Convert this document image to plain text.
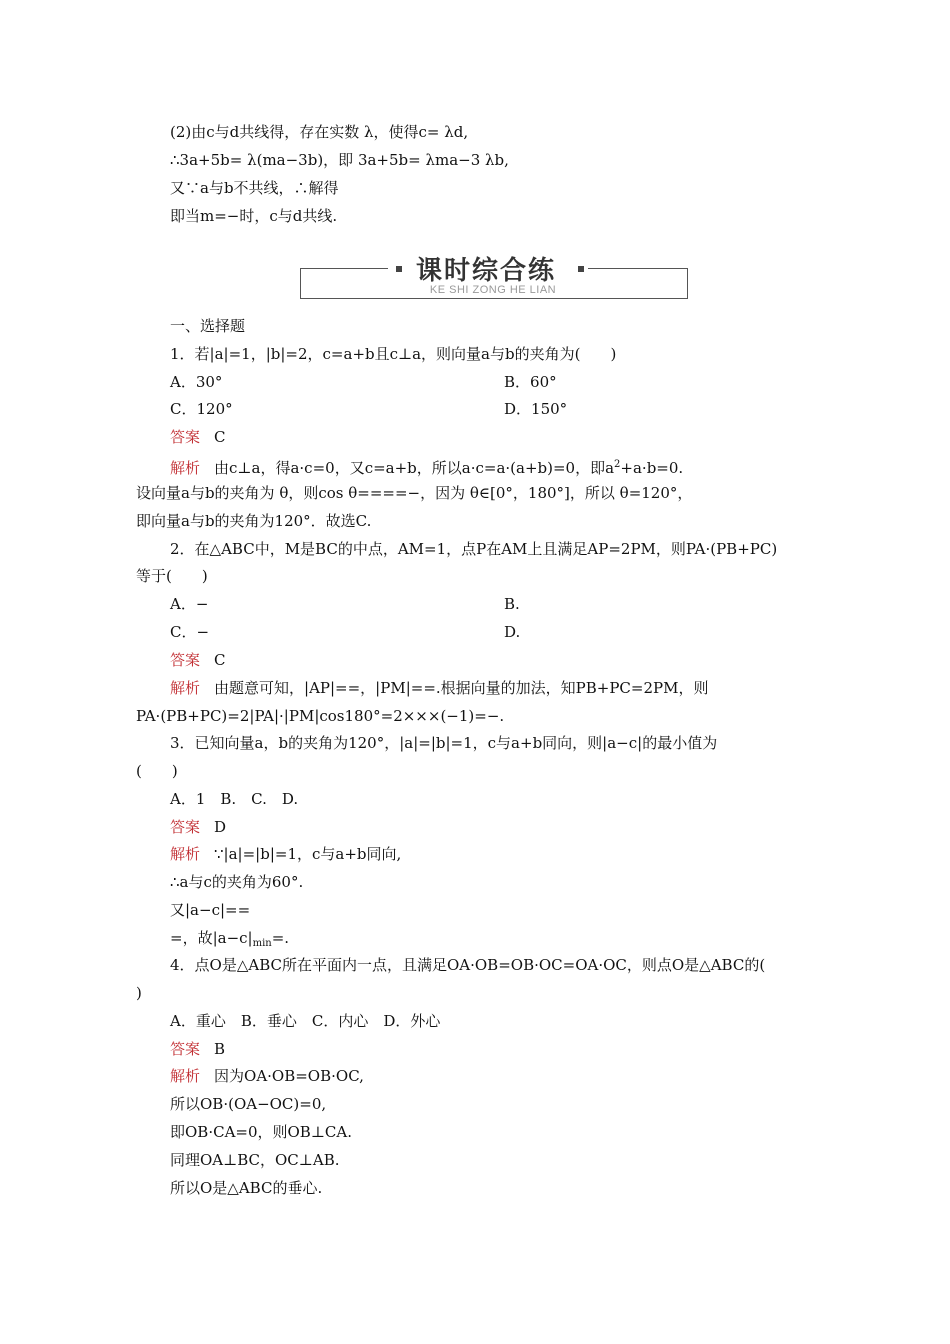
(2)由c与d共线得，存在实数 λ，使得c= λd,
∴3a+5b= λ(ma−3b)，即 3a+5b= λma−3 λb,
又∵a与b不共线，∴解得
即当m=−时，c与d共线.
课时综合练
KE SHI ZONG HE LIAN
一、选择题
1．若|a|=1，|b|=2，c=a+b且c⊥a，则向量a与b的夹角为(　　)
A．30°	B．60°
C．120°	D．150°
答案 C
解析 由c⊥a，得a·c=0，又c=a+b，所以a·c=a·(a+b)=0，即$a^2+a\cdot b=0$.
设向量a与b的夹角为 θ，则cos θ====−，因为 θ∈[0°，180°]，所以 θ=120°，
即向量a与b的夹角为120°．故选C.
2．在△ABC中，M是BC的中点，AM=1，点P在AM上且满足AP=2PM，则PA·(PB+PC)
等于(　　)
A．−	B.
C．−	D.
答案 C
解析 由题意可知，|AP|==，|PM|==.根据向量的加法，知PB+PC=2PM，则
PA·(PB+PC)=2|PA|·|PM|cos180°=2×××(−1)=−.
3．已知向量a，b的夹角为120°，|a|=|b|=1，c与a+b同向，则|a−c|的最小值为
(　　)
A．1　B.　C.　D.
答案 D
解析 ∵|a|=|b|=1，c与a+b同向,
∴a与c的夹角为60°.
又|a−c|==
=，故$|a-c|_{min}=$.
4．点O是△ABC所在平面内一点，且满足OA·OB=OB·OC=OA·OC，则点O是△ABC的(
)
A．重心　B．垂心　C．内心　D．外心
答案 B
解析 因为OA·OB=OB·OC,
所以OB·(OA−OC)=0,
即OB·CA=0，则OB⊥CA.
同理OA⊥BC，OC⊥AB.
所以O是△ABC的垂心.
